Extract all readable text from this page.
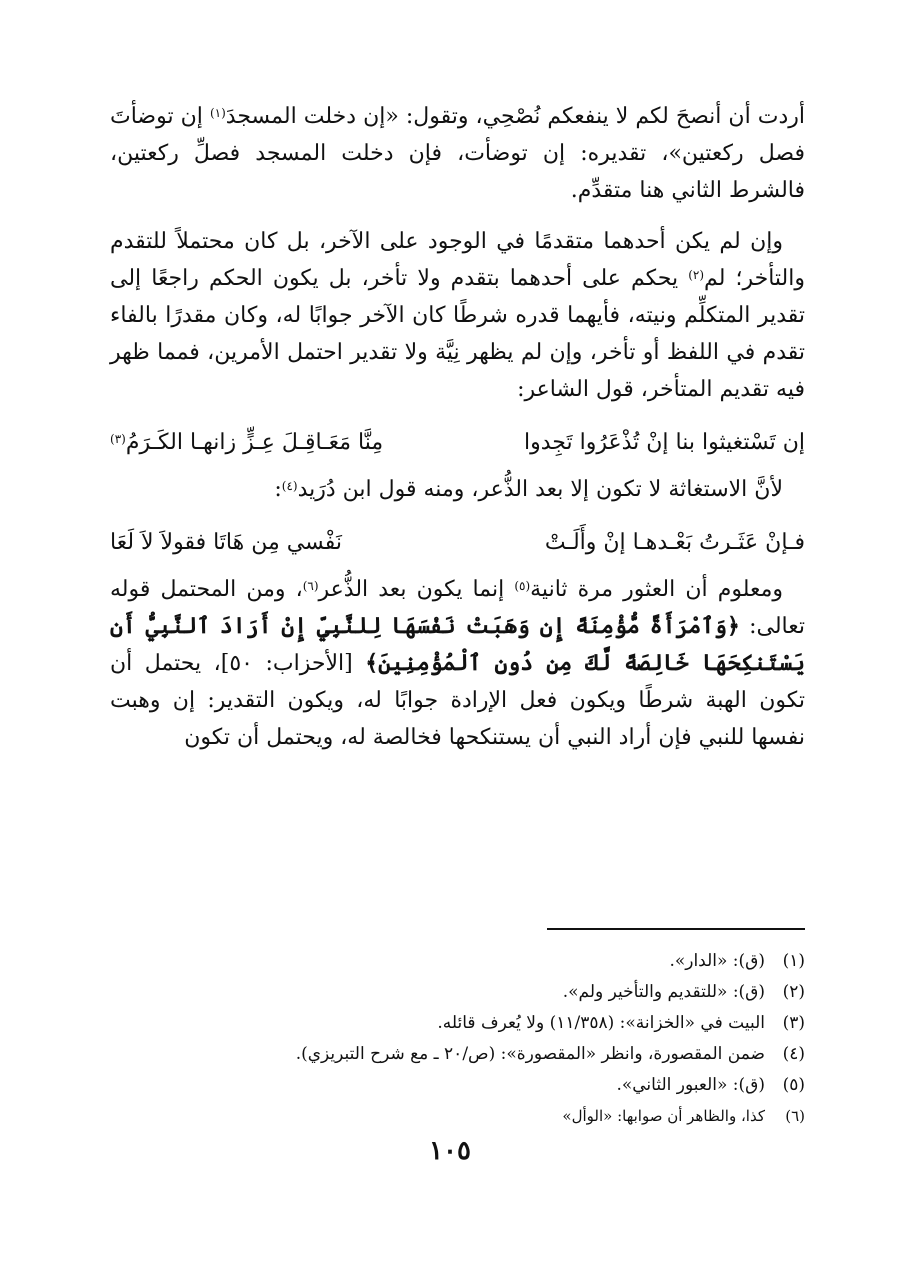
أردت أن أنصحَ لكم لا ينفعكم نُصْحِي، وتقول: «إن دخلت المسجدَ$^{(١)}$ إن توضأتَ فصل ركعتين»، تقديره: إن توضأت، فإن دخلت المسجد فصلِّ ركعتين، فالشرط الثاني هنا متقدِّم.

وإن لم يكن أحدهما متقدمًا في الوجود على الآخر، بل كان محتملاً للتقدم والتأخر؛ لم$^{(٢)}$ يحكم على أحدهما بتقدم ولا تأخر، بل يكون الحكم راجعًا إلى تقدير المتكلِّم ونيته، فأيهما قدره شرطًا كان الآخر جوابًا له، وكان مقدرًا بالفاء تقدم في اللفظ أو تأخر، وإن لم يظهر نِيَّة ولا تقدير احتمل الأمرين، فمما ظهر فيه تقديم المتأخر، قول الشاعر:

إن تَسْتغيثوا بنا إنْ تُذْعَرُوا تَجِدوا
مِنَّا مَعَـاقِـلَ عِـزٍّ زانهـا الكَـرَمُ$^{(٣)}$

لأنَّ الاستغاثة لا تكون إلا بعد الذُّعر، ومنه قول ابن دُرَيد$^{(٤)}$:

فـإنْ عَثَـرتُ بَعْـدهـا إنْ وأَلَـتْ
نَفْسي مِن هَاتَا فقولاَ لاَ لَعَا

ومعلوم أن العثور مرة ثانية$^{(٥)}$ إنما يكون بعد الذُّعر$^{(٦)}$، ومن المحتمل قوله تعالى: ﴿وَٱمْرَأَةً مُّؤْمِنَةً إِن وَهَبَتْ نَفْسَهَا لِلنَّبِيِّ إِنْ أَرَادَ ٱلنَّبِيُّ أَن يَسْتَنكِحَهَا خَالِصَةً لَّكَ مِن دُونِ ٱلْمُؤْمِنِينَ﴾ [الأحزاب: ٥٠]، يحتمل أن تكون الهبة شرطًا ويكون فعل الإرادة جوابًا له، ويكون التقدير: إن وهبت نفسها للنبي فإن أراد النبي أن يستنكحها فخالصة له، ويحتمل أن تكون

(١)(ق): «الدار».

(٢)(ق): «للتقديم والتأخير ولم».

(٣)البيت في «الخزانة»: (١١/٣٥٨) ولا يُعرف قائله.

(٤)ضمن المقصورة، وانظر «المقصورة»: (ص/٢٠ ـ مع شرح التبريزي).

(٥)(ق): «العبور الثاني».

(٦)كذا، والظاهر أن صوابها: «الوأل»

١٠٥
